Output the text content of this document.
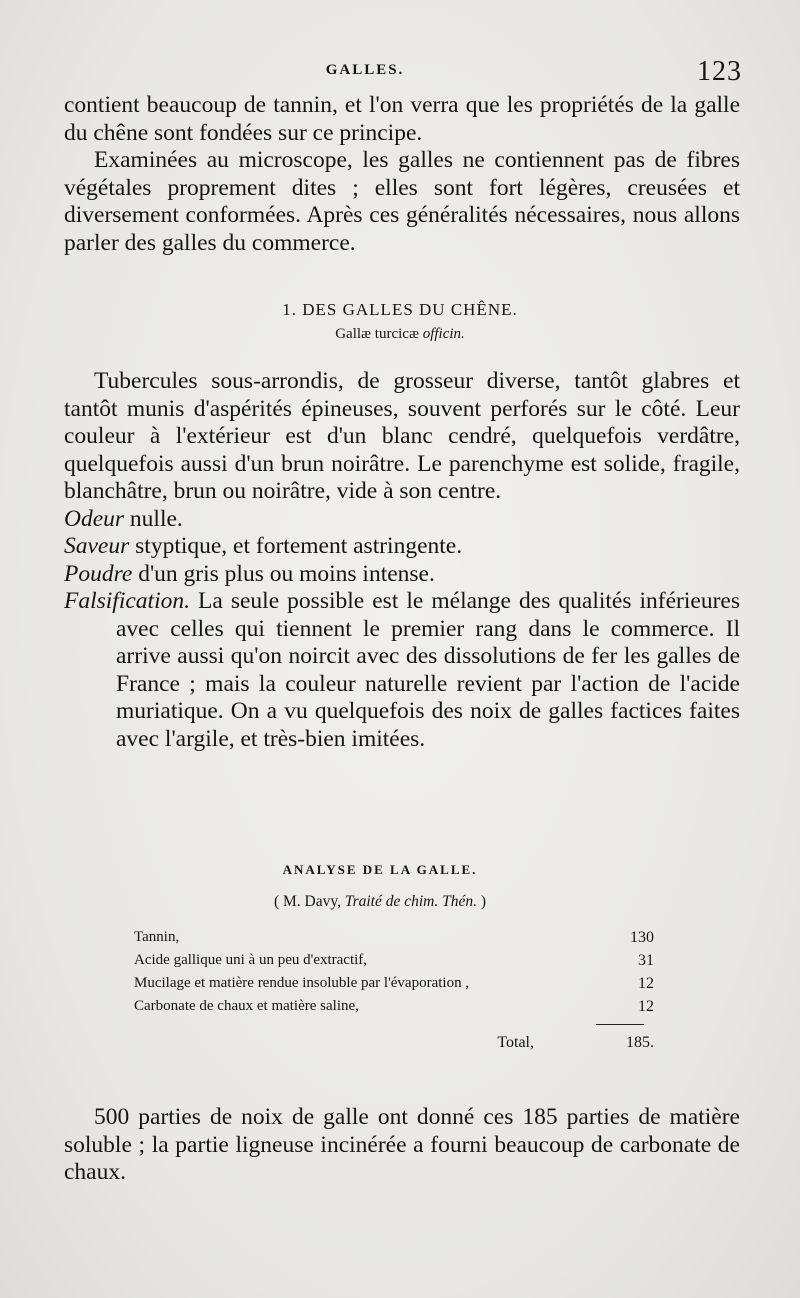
GALLES.	123

contient beaucoup de tannin, et l'on verra que les propriétés de la galle du chêne sont fondées sur ce principe.

Examinées au microscope, les galles ne contiennent pas de fibres végétales proprement dites ; elles sont fort légères, creusées et diversement conformées. Après ces généralités nécessaires, nous allons parler des galles du commerce.

1. DES GALLES DU CHÊNE.
Gallæ turcicæ officin.

Tubercules sous-arrondis, de grosseur diverse, tantôt glabres et tantôt munis d'aspérités épineuses, souvent perforés sur le côté. Leur couleur à l'extérieur est d'un blanc cendré, quelquefois verdâtre, quelquefois aussi d'un brun noirâtre. Le parenchyme est solide, fragile, blanchâtre, brun ou noirâtre, vide à son centre.

Odeur nulle.

Saveur styptique, et fortement astringente.

Poudre d'un gris plus ou moins intense.

Falsification. La seule possible est le mélange des qualités inférieures avec celles qui tiennent le premier rang dans le commerce. Il arrive aussi qu'on noircit avec des dissolutions de fer les galles de France ; mais la couleur naturelle revient par l'action de l'acide muriatique. On a vu quelquefois des noix de galles factices faites avec l'argile, et très-bien imitées.

ANALYSE DE LA GALLE.
( M. Davy, Traité de chim. Thén. )
Tannin,	130
Acide gallique uni à un peu d'extractif,	31
Mucilage et matière rendue insoluble par l'évaporation ,	12
Carbonate de chaux et matière saline,	12
Total,	185.

500 parties de noix de galle ont donné ces 185 parties de matière soluble ; la partie ligneuse incinérée a fourni beaucoup de carbonate de chaux.
